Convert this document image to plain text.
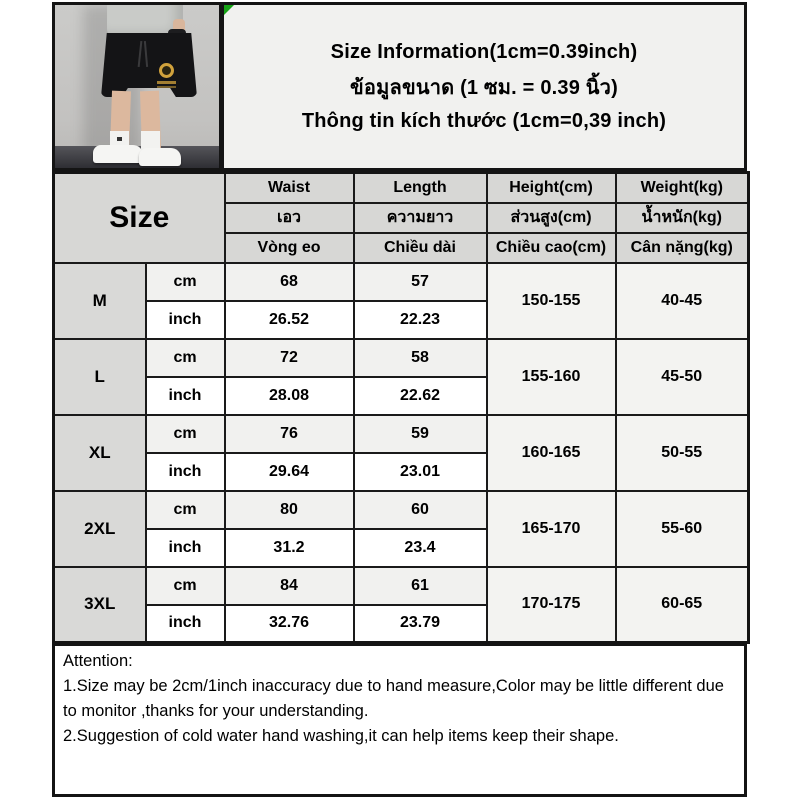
Size Information(1cm=0.39inch)
ข้อมูลขนาด (1 ซม. = 0.39 นิ้ว)
Thông tin kích thước (1cm=0,39 inch)
Size		Waist	Length	Height(cm)	Weight(kg)
		เอว	ความยาว	ส่วนสูง(cm)	น้ำหนัก(kg)
		Vòng eo	Chiều dài	Chiều cao(cm)	Cân nặng(kg)
M	cm	68	57	150-155	40-45
	inch	26.52	22.23		
L	cm	72	58	155-160	45-50
	inch	28.08	22.62		
XL	cm	76	59	160-165	50-55
	inch	29.64	23.01		
2XL	cm	80	60	165-170	55-60
	inch	31.2	23.4		
3XL	cm	84	61	170-175	60-65
	inch	32.76	23.79		
Attention:
1.Size may be 2cm/1inch inaccuracy due to hand measure,Color may be little different due to monitor ,thanks for your understanding.
2.Suggestion of cold water hand washing,it can help items keep their shape.
